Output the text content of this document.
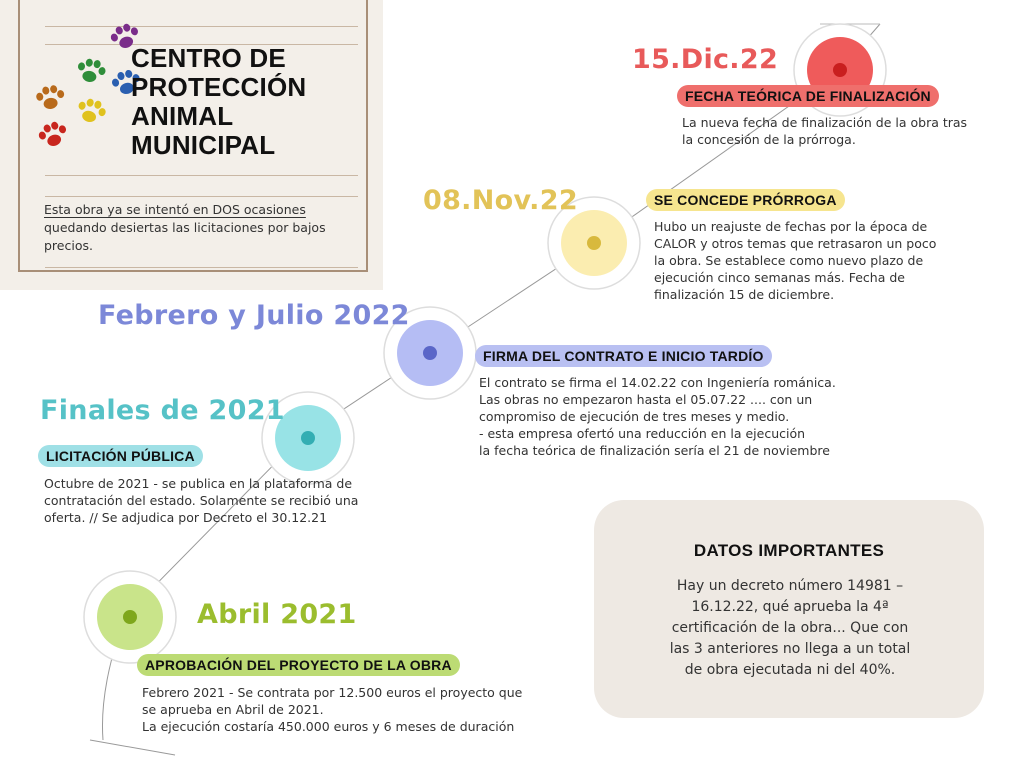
CENTRO DE
PROTECCIÓN
ANIMAL
MUNICIPAL
Esta obra ya se intentó en DOS ocasiones
quedando desiertas las licitaciones por bajos
precios.
15.Dic.22
FECHA TEÓRICA DE FINALIZACIÓN
La nueva fecha de finalización de la obra tras
la concesión de la prórroga.
08.Nov.22	SE CONCEDE PRÓRROGA
Hubo un reajuste de fechas por la época de
CALOR y otros temas que retrasaron un poco
la obra. Se establece como nuevo plazo de
ejecución cinco semanas más. Fecha de
finalización 15 de diciembre.
Febrero y Julio 2022
FIRMA DEL CONTRATO E INICIO TARDÍO
El contrato se firma el 14.02.22 con Ingeniería románica.
Las obras no empezaron hasta el 05.07.22 .... con un
compromiso de ejecución de tres meses y medio.
- esta empresa ofertó una reducción en la ejecución
la fecha teórica de finalización sería el 21 de noviembre
Finales de 2021
LICITACIÓN PÚBLICA
Octubre de 2021 - se publica en la plataforma de
contratación del estado. Solamente se recibió una
oferta. // Se adjudica por Decreto el 30.12.21
Abril 2021
APROBACIÓN DEL PROYECTO DE LA OBRA
Febrero 2021 - Se contrata por 12.500 euros el proyecto que
se aprueba en Abril de 2021.
La ejecución costaría 450.000 euros y 6 meses de duración
DATOS IMPORTANTES
Hay un decreto número 14981 –
16.12.22, qué aprueba la 4ª
certificación de la obra... Que con
las 3 anteriores no llega a un total
de obra ejecutada ni del 40%.
